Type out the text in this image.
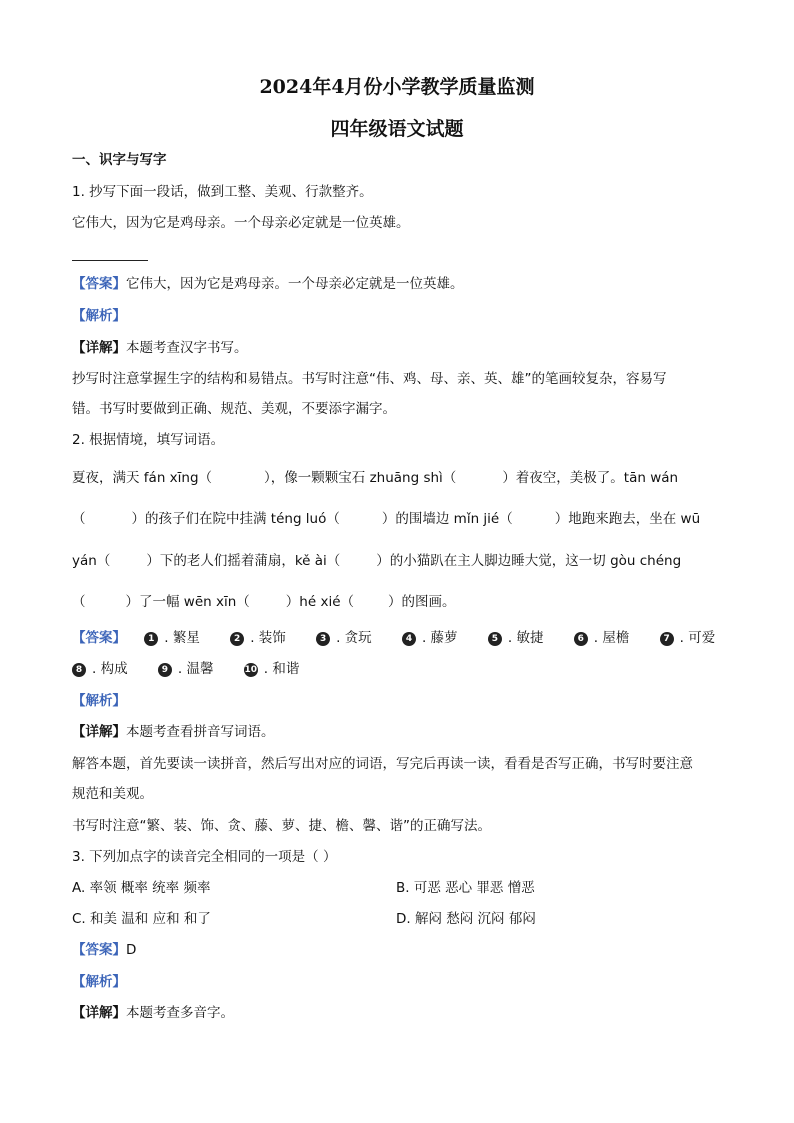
2024年4月份小学教学质量监测
四年级语文试题
一、识字与写字
1. 抄写下面一段话，做到工整、美观、行款整齐。
它伟大，因为它是鸡母亲。一个母亲必定就是一位英雄。
【答案】它伟大，因为它是鸡母亲。一个母亲必定就是一位英雄。
【解析】
【详解】本题考查汉字书写。
抄写时注意掌握生字的结构和易错点。书写时注意“伟、鸡、母、亲、英、雄”的笔画较复杂，容易写
错。书写时要做到正确、规范、美观，不要添字漏字。
2. 根据情境，填写词语。
夏夜，满天 fán xīng（	），像一颗颗宝石 zhuāng shì（	）着夜空，美极了。tān wán
（	）的孩子们在院中挂满 téng luó（	）的围墙边 mǐn jié（	）地跑来跑去，坐在 wū
yán（	）下的老人们摇着蒲扇，kě ài（	）的小猫趴在主人脚边睡大觉，这一切 gòu chéng
（	）了一幅 wēn xīn（	）hé xié（	）的图画。
【答案】 1 . 繁星	2 . 装饰	3 . 贪玩	4 . 藤萝	5 . 敏捷	6 . 屋檐	7 . 可爱
8 . 构成	9 . 温馨	10 . 和谐
【解析】
【详解】本题考查看拼音写词语。
解答本题，首先要读一读拼音，然后写出对应的词语，写完后再读一读，看看是否写正确，书写时要注意
规范和美观。
书写时注意“繁、装、饰、贪、藤、萝、捷、檐、馨、谐”的正确写法。
3. 下列加点字的读音完全相同的一项是（ ）
A. 率领 概率 统率 频率	B. 可恶 恶心 罪恶 憎恶
C. 和美 温和 应和 和了	D. 解闷 愁闷 沉闷 郁闷
【答案】D
【解析】
【详解】本题考查多音字。
